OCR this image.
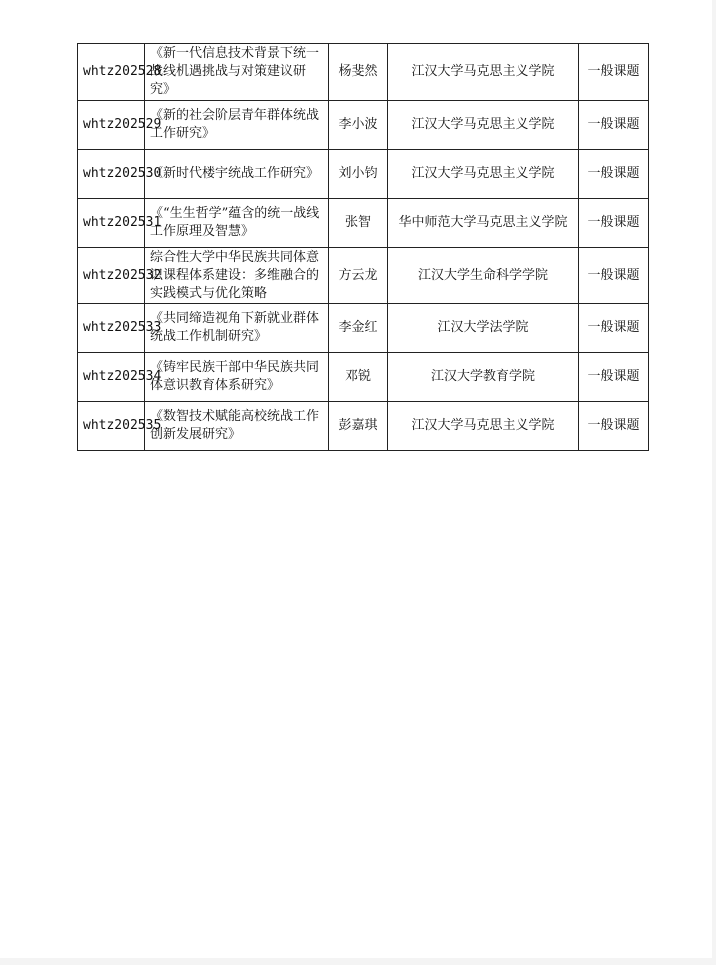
whtz202528	《新一代信息技术背景下统一战线机遇挑战与对策建议研究》	杨斐然	江汉大学马克思主义学院	一般课题
whtz202529	《新的社会阶层青年群体统战工作研究》	李小波	江汉大学马克思主义学院	一般课题
whtz202530	《新时代楼宇统战工作研究》	刘小钧	江汉大学马克思主义学院	一般课题
whtz202531	《“生生哲学”蕴含的统一战线工作原理及智慧》	张智	华中师范大学马克思主义学院	一般课题
whtz202532	综合性大学中华民族共同体意识课程体系建设：多维融合的实践模式与优化策略	方云龙	江汉大学生命科学学院	一般课题
whtz202533	《共同缔造视角下新就业群体统战工作机制研究》	李金红	江汉大学法学院	一般课题
whtz202534	《铸牢民族干部中华民族共同体意识教育体系研究》	邓锐	江汉大学教育学院	一般课题
whtz202535	《数智技术赋能高校统战工作创新发展研究》	彭嘉琪	江汉大学马克思主义学院	一般课题
